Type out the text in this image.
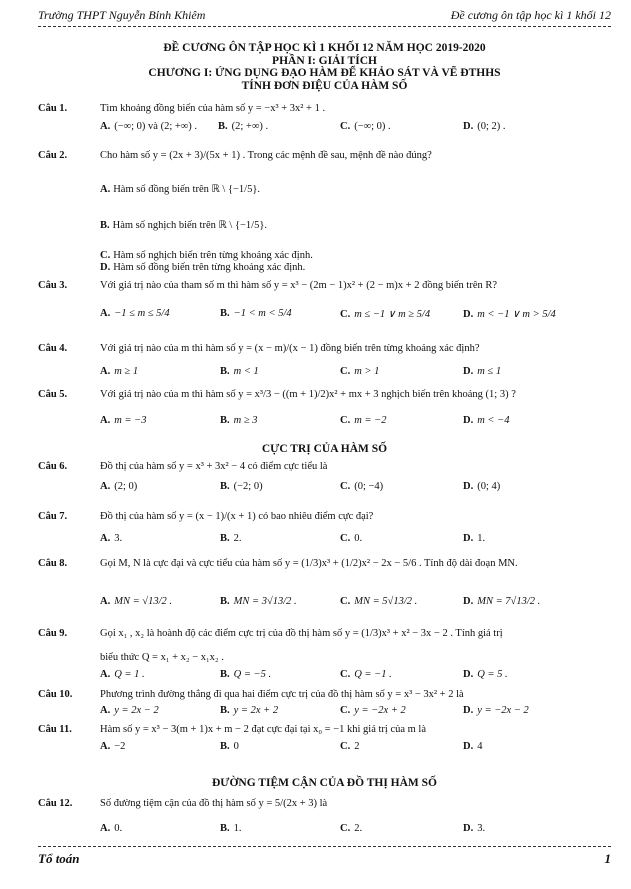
Trường THPT Nguyễn Bỉnh Khiêm	Đề cương ôn tập học kì 1 khối 12
ĐỀ CƯƠNG ÔN TẬP HỌC KÌ 1 KHỐI 12 NĂM HỌC 2019-2020
PHẦN I: GIẢI TÍCH
CHƯƠNG I: ỨNG DỤNG ĐẠO HÀM ĐỂ KHẢO SÁT VÀ VẼ ĐTHHS
TÍNH ĐƠN ĐIỆU CỦA HÀM SỐ
Câu 1.	Tìm khoảng đồng biến của hàm số y = −x³ + 3x² + 1 .
A. (−∞; 0) và (2; +∞) . B. (2; +∞) .	C. (−∞; 0) .	D. (0; 2) .
Câu 2.	Cho hàm số y = (2x + 3)/(5x + 1) . Trong các mệnh đề sau, mệnh đề nào đúng?
A. Hàm số đồng biến trên ℝ \ {−1/5}.
B. Hàm số nghịch biến trên ℝ \ {−1/5}.
C. Hàm số nghịch biến trên từng khoảng xác định.
D. Hàm số đồng biến trên từng khoảng xác định.
Câu 3.	Với giá trị nào của tham số m thì hàm số y = x³ − (2m − 1)x² + (2 − m)x + 2 đồng biến trên R?
A. −1 ≤ m ≤ 5/4	B. −1 < m < 5/4	C. m ≤ −1 ∨ m ≥ 5/4	D. m < −1 ∨ m > 5/4
Câu 4.	Với giá trị nào của m thì hàm số y = (x − m)/(x − 1) đồng biến trên từng khoảng xác định?
A. m ≥ 1	B. m < 1	C. m > 1	D. m ≤ 1
Câu 5.	Với giá trị nào của m thì hàm số y = x³/3 − ((m + 1)/2)x² + mx + 3 nghịch biến trên khoảng (1; 3) ?
A. m = −3	B. m ≥ 3	C. m = −2	D. m < −4
CỰC TRỊ CỦA HÀM SỐ
Câu 6.	Đồ thị của hàm số y = x³ + 3x² − 4 có điểm cực tiểu là
A. (2; 0)	B. (−2; 0)	C. (0; −4)	D. (0; 4)
Câu 7.	Đồ thị của hàm số y = (x − 1)/(x + 1) có bao nhiêu điểm cực đại?
A. 3.	B. 2.	C. 0.	D. 1.
Câu 8.	Gọi M, N là cực đại và cực tiểu của hàm số y = (1/3)x³ + (1/2)x² − 2x − 5/6 . Tính độ dài đoạn MN.
A. MN = √13/2 .	B. MN = 3√13/2 .	C. MN = 5√13/2 .	D. MN = 7√13/2 .
Câu 9.	Gọi x₁ , x₂ là hoành độ các điểm cực trị của đồ thị hàm số y = (1/3)x³ + x² − 3x − 2 . Tính giá trị
biểu thức Q = x₁ + x₂ − x₁x₂ .
A. Q = 1 .	B. Q = −5 .	C. Q = −1 .	D. Q = 5 .
Câu 10.	Phương trình đường thẳng đi qua hai điểm cực trị của đồ thị hàm số y = x³ − 3x² + 2 là
A. y = 2x − 2	B. y = 2x + 2	C. y = −2x + 2	D. y = −2x − 2
Câu 11.	Hàm số y = x³ − 3(m + 1)x + m − 2 đạt cực đại tại x₀ = −1 khi giá trị của m là
A. −2	B. 0	C. 2	D. 4
ĐƯỜNG TIỆM CẬN CỦA ĐỒ THỊ HÀM SỐ
Câu 12.	Số đường tiệm cận của đồ thị hàm số y = 5/(2x + 3) là
A. 0.	B. 1.	C. 2.	D. 3.
Tổ toán	1
